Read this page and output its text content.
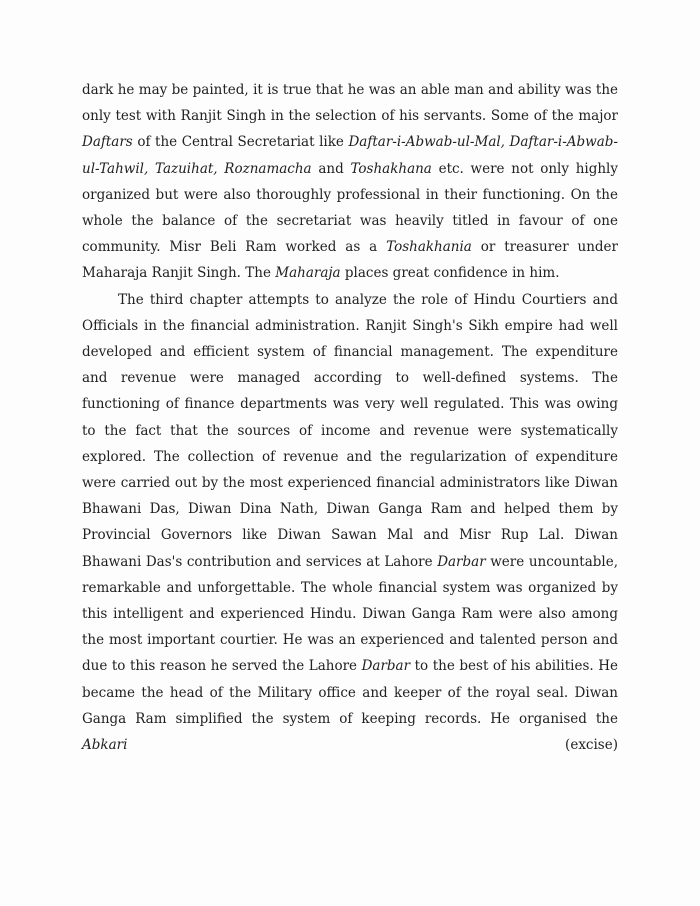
dark he may be painted, it is true that he was an able man and ability was the only test with Ranjit Singh in the selection of his servants. Some of the major Daftars of the Central Secretariat like Daftar-i-Abwab-ul-Mal, Daftar-i-Abwab-ul-Tahwil, Tazuihat, Roznamacha and Toshakhana etc. were not only highly organized but were also thoroughly professional in their functioning. On the whole the balance of the secretariat was heavily titled in favour of one community. Misr Beli Ram worked as a Toshakhania or treasurer under Maharaja Ranjit Singh. The Maharaja places great confidence in him.

The third chapter attempts to analyze the role of Hindu Courtiers and Officials in the financial administration. Ranjit Singh's Sikh empire had well developed and efficient system of financial management. The expenditure and revenue were managed according to well-defined systems. The functioning of finance departments was very well regulated. This was owing to the fact that the sources of income and revenue were systematically explored. The collection of revenue and the regularization of expenditure were carried out by the most experienced financial administrators like Diwan Bhawani Das, Diwan Dina Nath, Diwan Ganga Ram and helped them by Provincial Governors like Diwan Sawan Mal and Misr Rup Lal. Diwan Bhawani Das's contribution and services at Lahore Darbar were uncountable, remarkable and unforgettable. The whole financial system was organized by this intelligent and experienced Hindu. Diwan Ganga Ram were also among the most important courtier. He was an experienced and talented person and due to this reason he served the Lahore Darbar to the best of his abilities. He became the head of the Military office and keeper of the royal seal. Diwan Ganga Ram simplified the system of keeping records. He organised the Abkari (excise)
